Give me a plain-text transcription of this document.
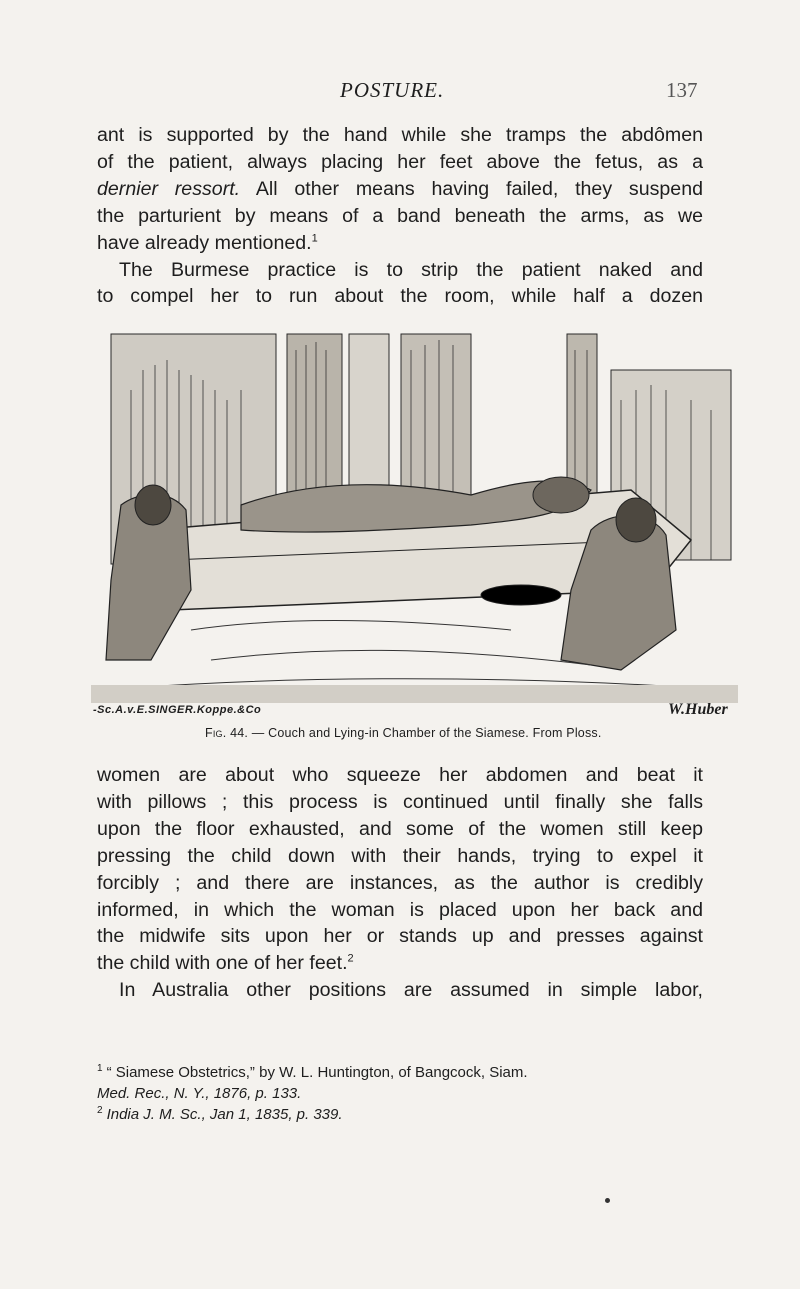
POSTURE.	137

ant is supported by the hand while she tramps the abdômen
of the patient, always placing her feet above the fetus, as a
dernier ressort. All other means having failed, they suspend
the parturient by means of a band beneath the arms, as we
have already mentioned.$^1$

The Burmese practice is to strip the patient naked and

to compel her to run about the room, while half a dozen

-Sc.A.v.E.SINGER.Koppe.&Co	W.Huber
Fig. 44. — Couch and Lying-in Chamber of the Siamese. From Ploss.

women are about who squeeze her abdomen and beat it
with pillows ; this process is continued until finally she falls
upon the floor exhausted, and some of the women still keep
pressing the child down with their hands, trying to expel it
forcibly ; and there are instances, as the author is credibly
informed, in which the woman is placed upon her back and
the midwife sits upon her or stands up and presses against
the child with one of her feet.$^2$

In Australia other positions are assumed in simple labor,

$^1$ “ Siamese Obstetrics,” by W. L. Huntington, of Bangcock, Siam.

Med. Rec., N. Y., 1876, p. 133.

$^2$ India J. M. Sc., Jan 1, 1835, p. 339.
